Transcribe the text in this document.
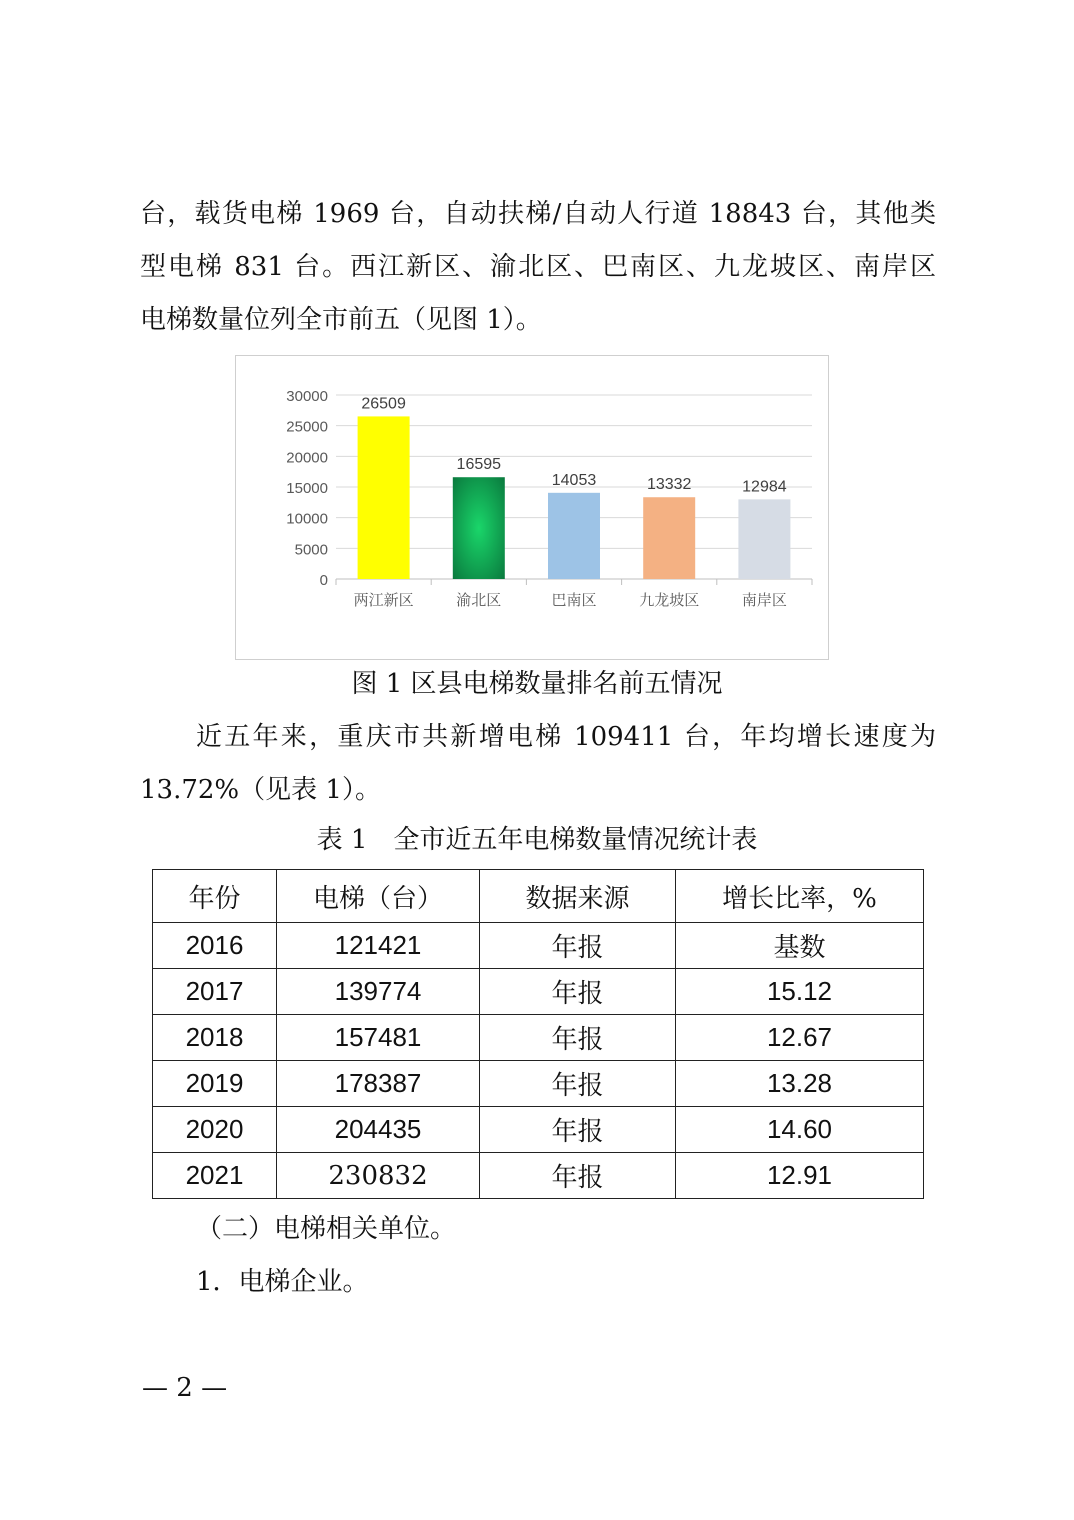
台，载货电梯 1969 台，自动扶梯/自动人行道 18843 台，其他类

型电梯 831 台。西江新区、渝北区、巴南区、九龙坡区、南岸区

电梯数量位列全市前五（见图 1）。

0
5000
10000
15000
20000
25000
30000 26509
两江新区
16595
渝北区
14053
巴南区
13332
九龙坡区
12984
南岸区

图 1 区县电梯数量排名前五情况

近五年来，重庆市共新增电梯 109411 台，年均增长速度为

13.72%（见表 1）。

表 1　全市近五年电梯数量情况统计表

年份	电梯（台）	数据来源	增长比率，%
2016	121421	年报	基数
2017	139774	年报	15.12
2018	157481	年报	12.67
2019	178387	年报	13.28
2020	204435	年报	14.60
2021	230832	年报	12.91

（二）电梯相关单位。

1．电梯企业。

— 2 —
